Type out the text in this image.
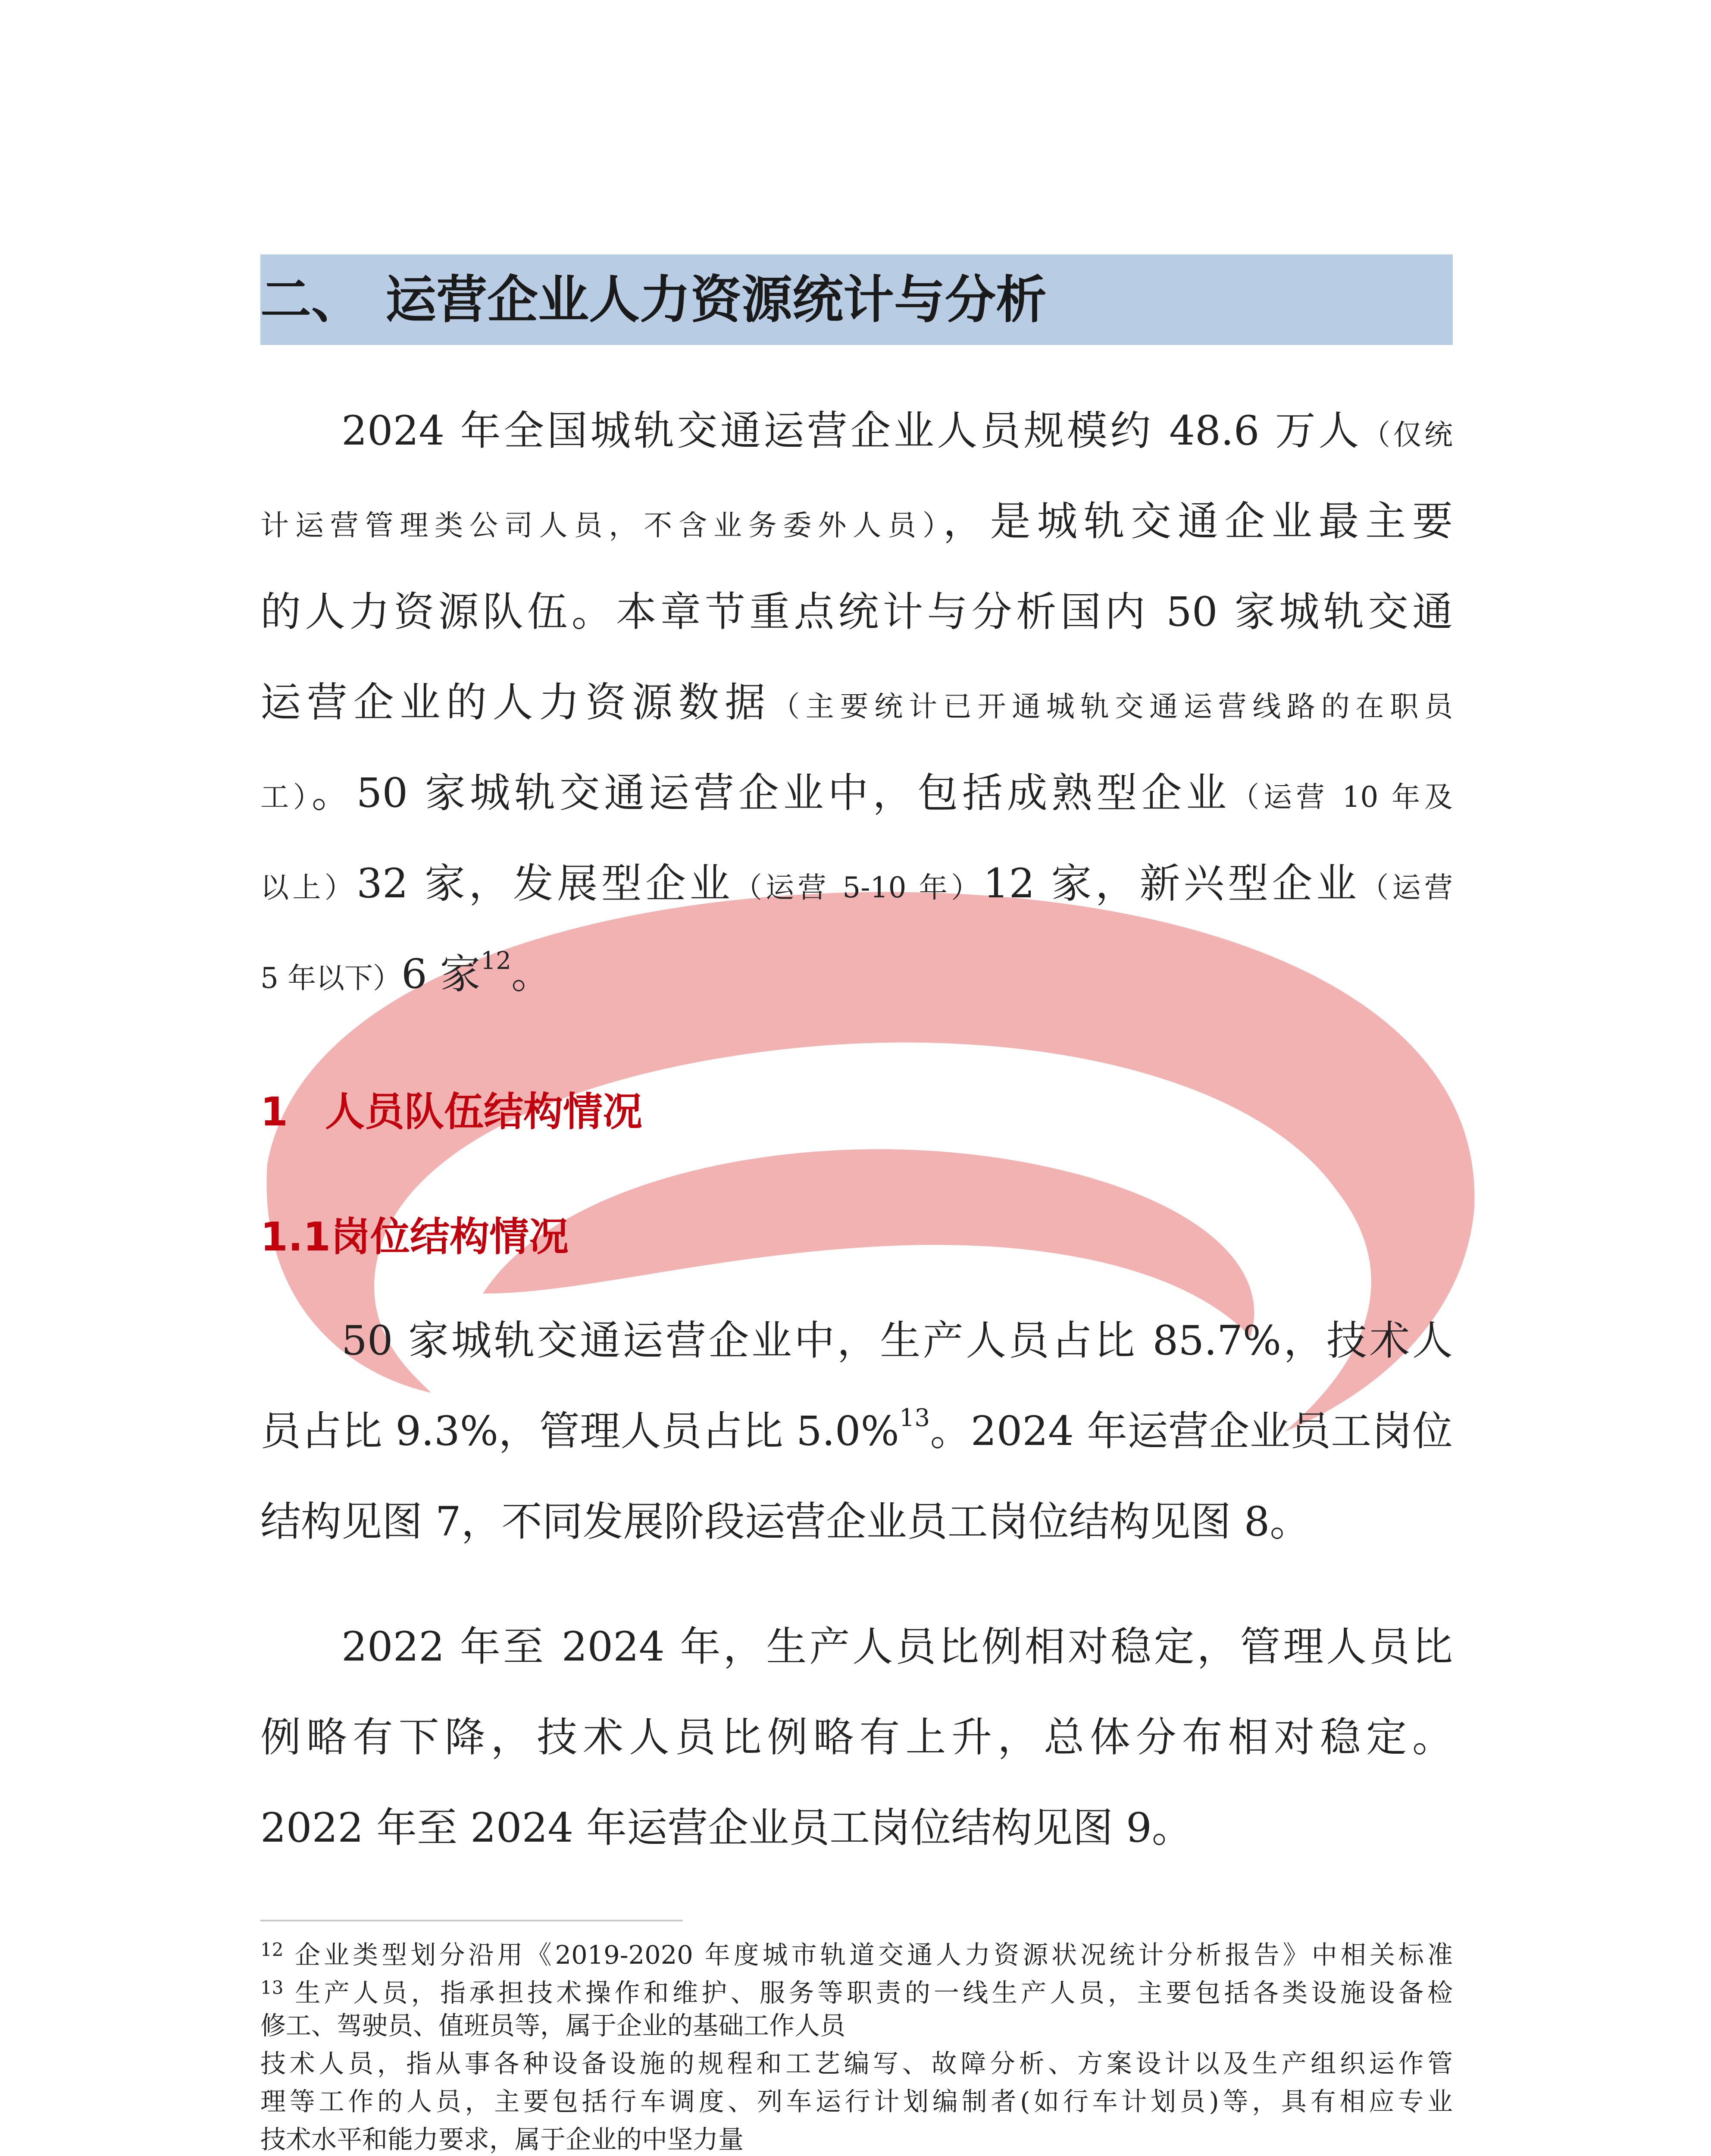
二、 运营企业人力资源统计与分析
2024 年全国城轨交通运营企业人员规模约 48.6 万人（仅统
计运营管理类公司人员，不含业务委外人员），是城轨交通企业最主要
的人力资源队伍。本章节重点统计与分析国内 50 家城轨交通
运营企业的人力资源数据（主要统计已开通城轨交通运营线路的在职员
工）。50 家城轨交通运营企业中，包括成熟型企业（运营 10 年及
以上）32 家，发展型企业（运营 5-10 年）12 家，新兴型企业（运营
5 年以下）6 家$^{12}$。
1 人员队伍结构情况
1.1岗位结构情况
50 家城轨交通运营企业中，生产人员占比 85.7%，技术人
员占比 9.3%，管理人员占比 5.0%$^{13}$。2024 年运营企业员工岗位
结构见图 7，不同发展阶段运营企业员工岗位结构见图 8。
2022 年至 2024 年，生产人员比例相对稳定，管理人员比
例略有下降，技术人员比例略有上升，总体分布相对稳定。
2022 年至 2024 年运营企业员工岗位结构见图 9。
12 企业类型划分沿用《2019-2020 年度城市轨道交通人力资源状况统计分析报告》中相关标准
13 生产人员，指承担技术操作和维护、服务等职责的一线生产人员，主要包括各类设施设备检
修工、驾驶员、值班员等，属于企业的基础工作人员
技术人员，指从事各种设备设施的规程和工艺编写、故障分析、方案设计以及生产组织运作管
理等工作的人员，主要包括行车调度、列车运行计划编制者(如行车计划员)等，具有相应专业
技术水平和能力要求，属于企业的中坚力量
